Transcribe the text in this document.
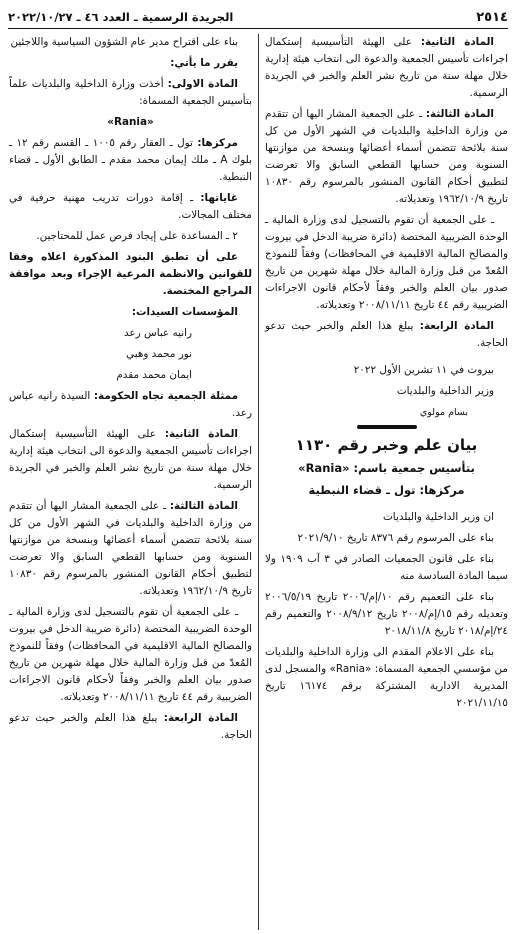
٢٥١٤
الجريدة الرسمية ـ العدد ٤٦ ـ ٢٠٢٢/١٠/٢٧

المادة الثانية: على الهيئة التأسيسية إستكمال اجراءات تأسيس الجمعية والدعوة الى انتخاب هيئة إدارية خلال مهلة سنة من تاريخ نشر العلم والخبر في الجريدة الرسمية.

المادة الثالثة: ـ على الجمعية المشار اليها أن تتقدم من وزارة الداخلية والبلديات في الشهر الأول من كل سنة بلائحة تتضمن أسماء أعضائها وبنسخة من موازنتها السنوية ومن حسابها القطعي السابق والا تعرضت لتطبيق أحكام القانون المنشور بالمرسوم رقم ١٠٨٣٠ تاريخ ١٩٦٢/١٠/٩ وتعديلاته.

ـ على الجمعية أن تقوم بالتسجيل لدى وزارة المالية ـ الوحدة الضريبية المختصة (دائرة ضريبة الدخل في بيروت والمصالح المالية الاقليمية في المحافظات) وفقاً للنموذج المُعدّ من قبل وزارة المالية خلال مهلة شهرين من تاريخ صدور بيان العلم والخبر وفقاً لأحكام قانون الاجراءات الضريبية رقم ٤٤ تاريخ ٢٠٠٨/١١/١١ وتعديلاته.

المادة الرابعة: يبلغ هذا العلم والخبر حيث تدعو الحاجة.

بيروت في ١١ تشرين الأول ٢٠٢٢

وزير الداخلية والبلديات

بسام مولوي

بيان علم وخبر رقم ١١٣٠

بتأسيس جمعية باسم: «Rania»

مركزها: تول ـ قضاء النبطية

ان وزير الداخلية والبلديات

بناء على المرسوم رقم ٨٣٧٦ تاريخ ٢٠٢١/٩/١٠

بناء على قانون الجمعيات الصادر في ٣ آب ١٩٠٩ ولا سيما المادة السادسة منه

بناء على التعميم رقم ١٠/إم/٢٠٠٦ تاريخ ٢٠٠٦/٥/١٩ وتعديله رقم ١٥/إم/٢٠٠٨ تاريخ ٢٠٠٨/٩/١٢ والتعميم رقم ٢٤/إم/٢٠١٨ تاريخ ٢٠١٨/١١/٨

بناء على الاعلام المقدم الى وزارة الداخلية والبلديات من مؤسسي الجمعية المسماة: «Rania» والمسجل لدى المديرية الادارية المشتركة برقم ١٦١٧٤ تاريخ ٢٠٢١/١١/١٥

بناء على اقتراح مدير عام الشؤون السياسية واللاجئين

يقرر ما يأتي:

المادة الاولى: أخذت وزارة الداخلية والبلديات علماً بتأسيس الجمعية المسماة:

«Rania»

مركزها: تول ـ العقار رقم ١٠٠٥ ـ القسم رقم ١٢ ـ بلوك A ـ ملك إيمان محمد مقدم ـ الطابق الأول ـ قضاء النبطية.

غاياتها: ـ إقامة دورات تدريب مهنية حرفية في مختلف المجالات.

٢ ـ المساعدة على إيجاد فرص عمل للمحتاجين.

على أن تطبق البنود المذكورة اعلاه وفقا للقوانين والانظمة المرعية الإجراء وبعد موافقة المراجع المختصة.

المؤسسات السيدات:

رانيه عباس رعد

نور محمد وهبي

ايمان محمد مقدم

ممثلة الجمعية تجاه الحكومة: السيدة رانيه عباس رعد.

المادة الثانية: على الهيئة التأسيسية إستكمال اجراءات تأسيس الجمعية والدعوة الى انتخاب هيئة إدارية خلال مهلة سنة من تاريخ نشر العلم والخبر في الجريدة الرسمية.

المادة الثالثة: ـ على الجمعية المشار اليها أن تتقدم من وزارة الداخلية والبلديات في الشهر الأول من كل سنة بلائحة تتضمن أسماء أعضائها وبنسخة من موازنتها السنوية ومن حسابها القطعي السابق والا تعرضت لتطبيق أحكام القانون المنشور بالمرسوم رقم ١٠٨٣٠ تاريخ ١٩٦٢/١٠/٩ وتعديلاته.

ـ على الجمعية أن تقوم بالتسجيل لدى وزارة المالية ـ الوحدة الضريبية المختصة (دائرة ضريبة الدخل في بيروت والمصالح المالية الاقليمية في المحافظات) وفقاً للنموذج المُعدّ من قبل وزارة المالية خلال مهلة شهرين من تاريخ صدور بيان العلم والخبر وفقاً لأحكام قانون الاجراءات الضريبية رقم ٤٤ تاريخ ٢٠٠٨/١١/١١ وتعديلاته.

المادة الرابعة: يبلغ هذا العلم والخبر حيث تدعو الحاجة.
